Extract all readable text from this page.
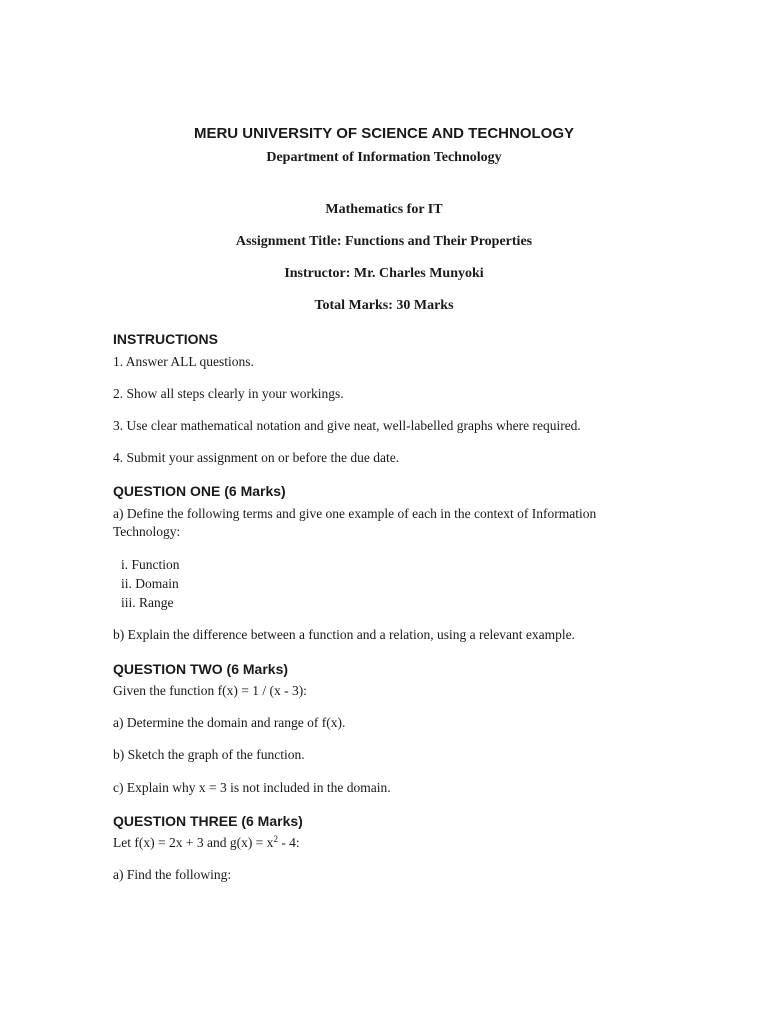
MERU UNIVERSITY OF SCIENCE AND TECHNOLOGY
Department of Information Technology
Mathematics for IT
Assignment Title: Functions and Their Properties
Instructor: Mr. Charles Munyoki
Total Marks: 30 Marks
INSTRUCTIONS
1. Answer ALL questions.
2. Show all steps clearly in your workings.
3. Use clear mathematical notation and give neat, well-labelled graphs where required.
4. Submit your assignment on or before the due date.
QUESTION ONE (6 Marks)
a) Define the following terms and give one example of each in the context of Information Technology:
i. Function
ii. Domain
iii. Range
b) Explain the difference between a function and a relation, using a relevant example.
QUESTION TWO (6 Marks)
Given the function f(x) = 1 / (x - 3):
a) Determine the domain and range of f(x).
b) Sketch the graph of the function.
c) Explain why x = 3 is not included in the domain.
QUESTION THREE (6 Marks)
Let f(x) = 2x + 3 and $g(x) = x^2 - 4$:
a) Find the following:
